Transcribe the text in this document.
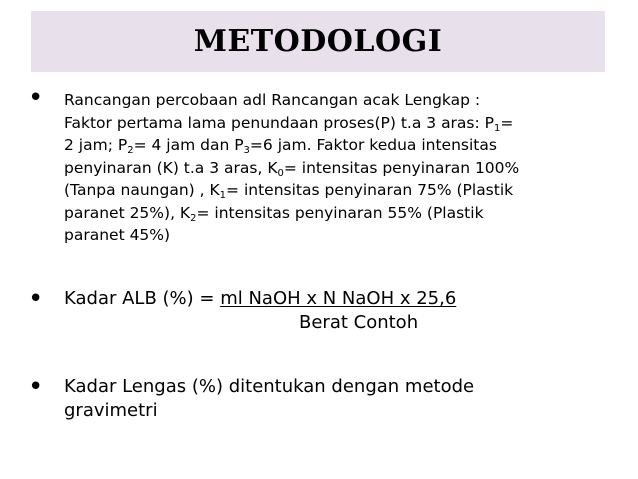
METODOLOGI
• Rancangan percobaan adl Rancangan acak Lengkap :
Faktor pertama lama penundaan proses(P) t.a 3 aras: $P_1=$
2 jam; $P_2= 4$ jam dan $P_3=6$ jam. Faktor kedua intensitas
penyinaran (K) t.a 3 aras, $K_0=$ intensitas penyinaran 100%
(Tanpa naungan) , $K_1=$ intensitas penyinaran 75% (Plastik
paranet 25%), $K_2=$ intensitas penyinaran 55% (Plastik
paranet 45%)
• Kadar ALB (%) = ml NaOH x N NaOH x 25,6
Berat Contoh
• Kadar Lengas (%) ditentukan dengan metode
gravimetri
